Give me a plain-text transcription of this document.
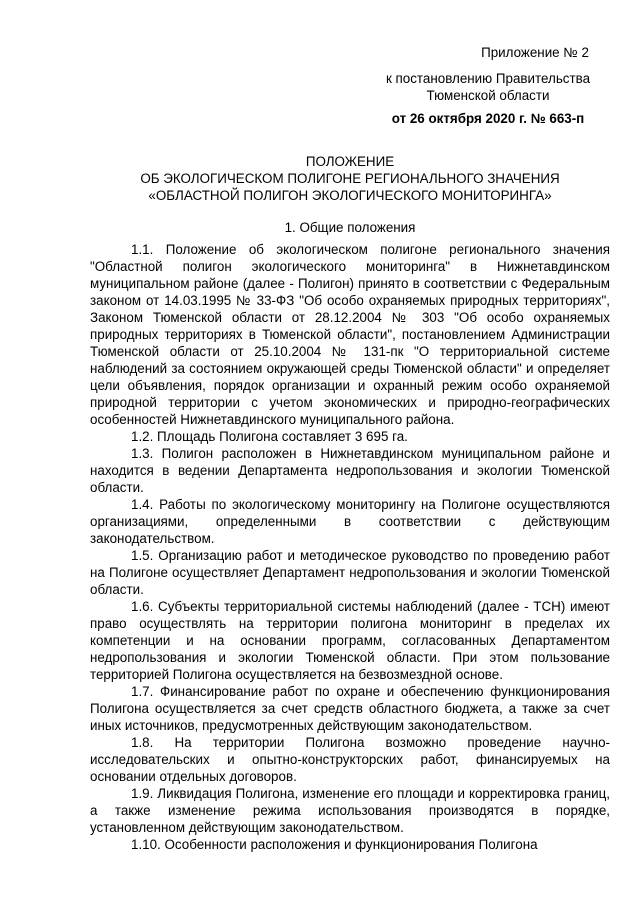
Приложение № 2
к постановлению Правительства
Тюменской области
от 26 октября 2020 г. № 663-п
ПОЛОЖЕНИЕ
ОБ ЭКОЛОГИЧЕСКОМ ПОЛИГОНЕ РЕГИОНАЛЬНОГО ЗНАЧЕНИЯ
«ОБЛАСТНОЙ ПОЛИГОН ЭКОЛОГИЧЕСКОГО МОНИТОРИНГА»
1. Общие положения

1.1. Положение об экологическом полигоне регионального значения "Областной полигон экологического мониторинга" в Нижнетавдинском муниципальном районе (далее - Полигон) принято в соответствии с Федеральным законом от 14.03.1995 № 33-ФЗ "Об особо охраняемых природных территориях", Законом Тюменской области от 28.12.2004 № 303 "Об особо охраняемых природных территориях в Тюменской области", постановлением Администрации Тюменской области от 25.10.2004 № 131-пк "О территориальной системе наблюдений за состоянием окружающей среды Тюменской области" и определяет цели объявления, порядок организации и охранный режим особо охраняемой природной территории с учетом экономических и природно-географических особенностей Нижнетавдинского муниципального района.

1.2. Площадь Полигона составляет 3 695 га.

1.3. Полигон расположен в Нижнетавдинском муниципальном районе и находится в ведении Департамента недропользования и экологии Тюменской области.

1.4. Работы по экологическому мониторингу на Полигоне осуществляются организациями, определенными в соответствии с действующим законодательством.

1.5. Организацию работ и методическое руководство по проведению работ на Полигоне осуществляет Департамент недропользования и экологии Тюменской области.

1.6. Субъекты территориальной системы наблюдений (далее - ТСН) имеют право осуществлять на территории полигона мониторинг в пределах их компетенции и на основании программ, согласованных Департаментом недропользования и экологии Тюменской области. При этом пользование территорией Полигона осуществляется на безвозмездной основе.

1.7. Финансирование работ по охране и обеспечению функционирования Полигона осуществляется за счет средств областного бюджета, а также за счет иных источников, предусмотренных действующим законодательством.

1.8. На территории Полигона возможно проведение научно-исследовательских и опытно-конструкторских работ, финансируемых на основании отдельных договоров.

1.9. Ликвидация Полигона, изменение его площади и корректировка границ, а также изменение режима использования производятся в порядке, установленном действующим законодательством.

1.10. Особенности расположения и функционирования Полигона
